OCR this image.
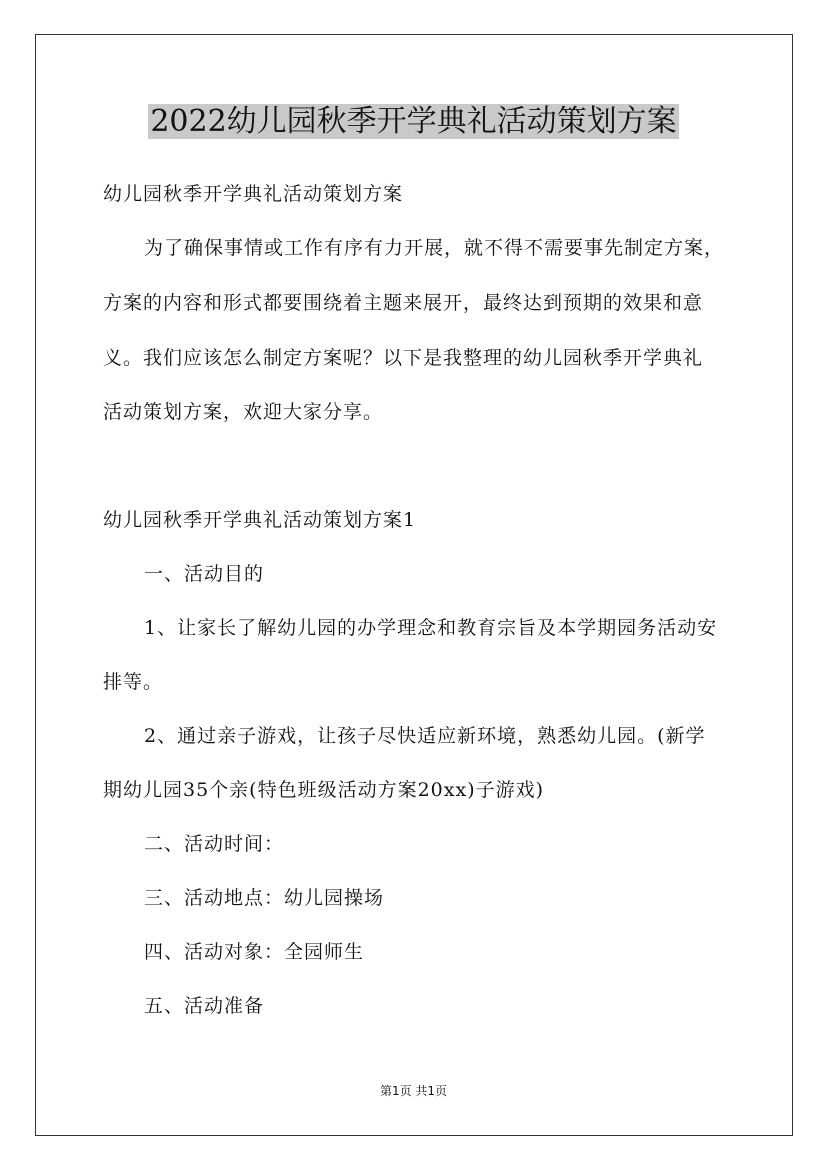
2022幼儿园秋季开学典礼活动策划方案

幼儿园秋季开学典礼活动策划方案

为了确保事情或工作有序有力开展，就不得不需要事先制定方案，

方案的内容和形式都要围绕着主题来展开，最终达到预期的效果和意

义。我们应该怎么制定方案呢？以下是我整理的幼儿园秋季开学典礼

活动策划方案，欢迎大家分享。

幼儿园秋季开学典礼活动策划方案1

一、活动目的

1、让家长了解幼儿园的办学理念和教育宗旨及本学期园务活动安

排等。

2、通过亲子游戏，让孩子尽快适应新环境，熟悉幼儿园。(新学

期幼儿园35个亲(特色班级活动方案20xx)子游戏)

二、活动时间：

三、活动地点：幼儿园操场

四、活动对象：全园师生

五、活动准备

第1页 共1页
